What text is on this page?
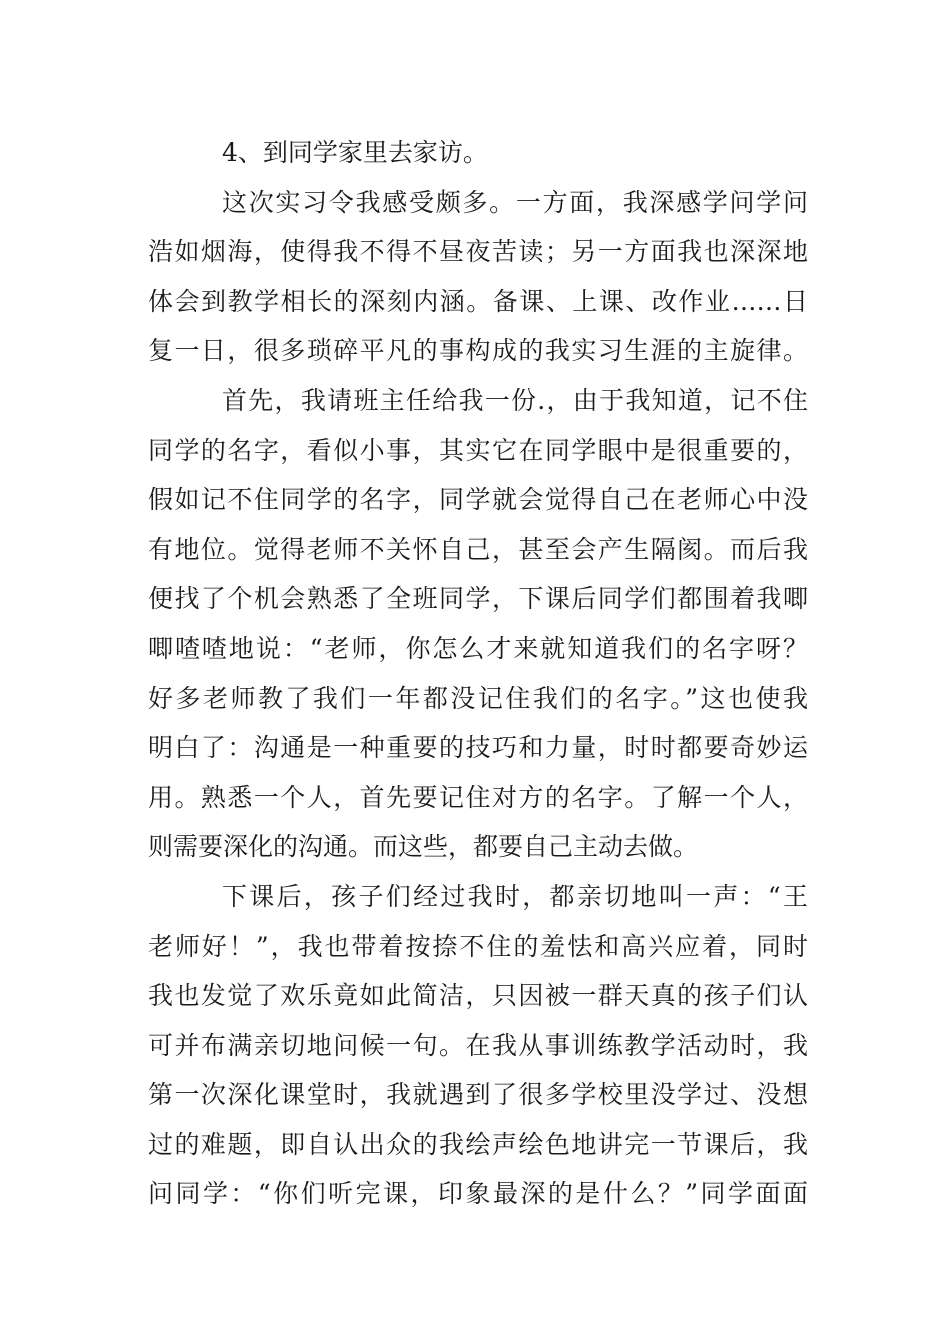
4、到同学家里去家访。
这次实习令我感受颇多。一方面，我深感学问学问
浩如烟海，使得我不得不昼夜苦读；另一方面我也深深地
体会到教学相长的深刻内涵。备课、上课、改作业……日
复一日，很多琐碎平凡的事构成的我实习生涯的主旋律。
首先，我请班主任给我一份.，由于我知道，记不住
同学的名字，看似小事，其实它在同学眼中是很重要的，
假如记不住同学的名字，同学就会觉得自己在老师心中没
有地位。觉得老师不关怀自己，甚至会产生隔阂。而后我
便找了个机会熟悉了全班同学，下课后同学们都围着我唧
唧喳喳地说：“老师，你怎么才来就知道我们的名字呀？
好多老师教了我们一年都没记住我们的名字。”这也使我
明白了：沟通是一种重要的技巧和力量，时时都要奇妙运
用。熟悉一个人，首先要记住对方的名字。了解一个人，
则需要深化的沟通。而这些，都要自己主动去做。
下课后，孩子们经过我时，都亲切地叫一声：“王
老师好！”，我也带着按捺不住的羞怯和高兴应着，同时
我也发觉了欢乐竟如此简洁，只因被一群天真的孩子们认
可并布满亲切地问候一句。在我从事训练教学活动时，我
第一次深化课堂时，我就遇到了很多学校里没学过、没想
过的难题，即自认出众的我绘声绘色地讲完一节课后，我
问同学：“你们听完课，印象最深的是什么？”同学面面
